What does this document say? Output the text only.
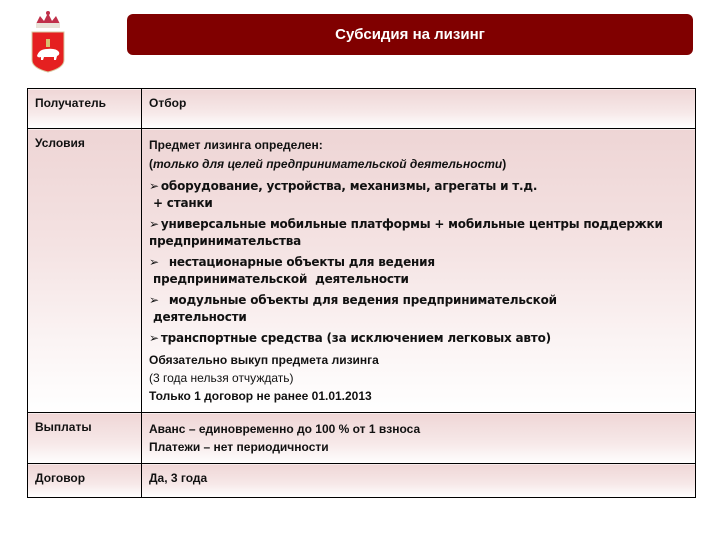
Субсидия на лизинг
Получатель	Отбор
Условия	Предмет лизинга определен:
(только для целей предпринимательской деятельности)
➢ оборудование, устройства, механизмы, агрегаты и т.д.
+ станки
➢ универсальные мобильные платформы + мобильные центры поддержки
предпринимательства
➢  нестационарные объекты для ведения
предпринимательской  деятельности
➢  модульные объекты для ведения предпринимательской
деятельности
➢ транспортные средства (за исключением легковых авто)
Обязательно выкуп предмета лизинга
(3 года нельзя отчуждать)
Только 1 договор не ранее 01.01.2013

Выплаты	Аванс – единовременно до 100 % от 1 взноса
Платежи – нет периодичности

Договор	Да, 3 года
